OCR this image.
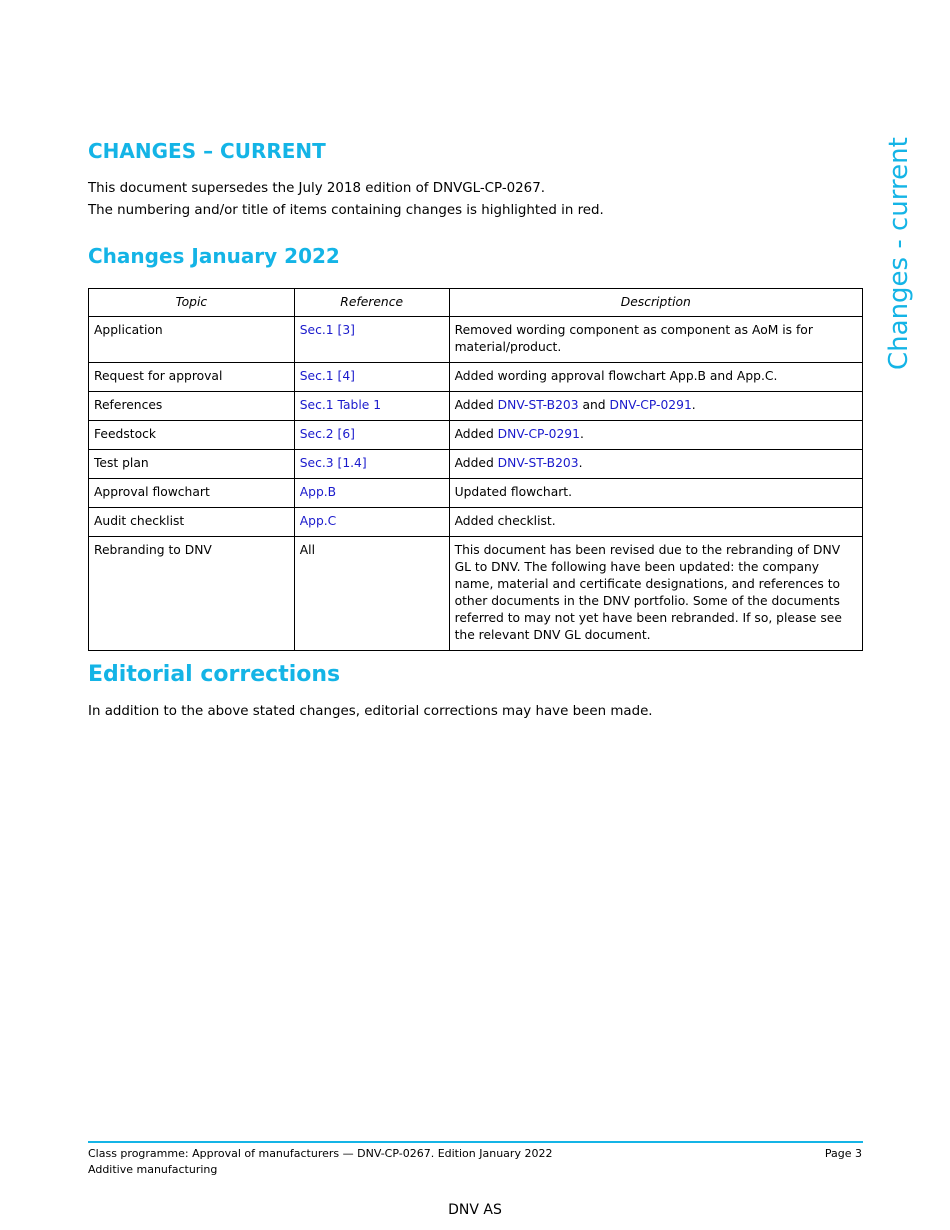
CHANGES – CURRENT
This document supersedes the July 2018 edition of DNVGL-CP-0267.
The numbering and/or title of items containing changes is highlighted in red.
Changes January 2022	Changes - current
Topic	Reference	Description
Application	Sec.1 [3]	Removed wording component as component as AoM is for material/product.
Request for approval	Sec.1 [4]	Added wording approval flowchart App.B and App.C.
References	Sec.1 Table 1	Added DNV-ST-B203 and DNV-CP-0291.
Feedstock	Sec.2 [6]	Added DNV-CP-0291.
Test plan	Sec.3 [1.4]	Added DNV-ST-B203.
Approval flowchart	App.B	Updated flowchart.
Audit checklist	App.C	Added checklist.
Rebranding to DNV	All	This document has been revised due to the rebranding of DNV GL to DNV. The following have been updated: the company name, material and certificate designations, and references to other documents in the DNV portfolio. Some of the documents referred to may not yet have been rebranded. If so, please see the relevant DNV GL document.
Editorial corrections
In addition to the above stated changes, editorial corrections may have been made.
Class programme: Approval of manufacturers — DNV-CP-0267. Edition January 2022
Additive manufacturing
Page 3
DNV AS
